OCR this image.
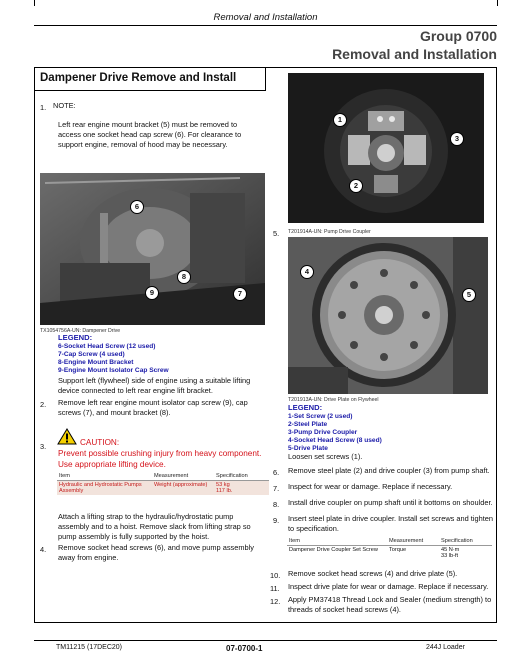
Removal and Installation
Group 0700
Removal and Installation
Dampener Drive Remove and Install
1. NOTE:
Left rear engine mount bracket (5) must be removed to
access one socket head cap screw (6). For clearance to
support engine, removal of hood may be necessary.
6
8
9	7
TX1054756A-UN: Dampener Drive
LEGEND:
6-Socket Head Screw (12 used)
7-Cap Screw (4 used)
8-Engine Mount Bracket
9-Engine Mount Isolator Cap Screw
Support left (flywheel) side of engine using a suitable lifting
device connected to left rear engine lift bracket.
2. Remove left rear engine mount isolator cap screw (9), cap
screws (7), and mount bracket (8).
3.	CAUTION:
Prevent possible crushing injury from heavy component.
Use appropriate lifting device.
Item	Measurement	Specification
Hydraulic and Hydrostatic Pumps Assembly	Weight (approximate)	53 kg
117 lb.
Attach a lifting strap to the hydraulic/hydrostatic pump
assembly and to a hoist. Remove slack from lifting strap so
pump assembly is fully supported by the hoist.
4. Remove socket head screws (6), and move pump assembly
away from engine.
1
3
2
5. T201914A-UN: Pump Drive Coupler
4
5
T201913A-UN: Drive Plate on Flywheel
LEGEND:
1-Set Screw (2 used)
2-Steel Plate
3-Pump Drive Coupler
4-Socket Head Screw (8 used)
5-Drive Plate
Loosen set screws (1).
6. Remove steel plate (2) and drive coupler (3) from pump shaft.
7. Inspect for wear or damage. Replace if necessary.
8. Install drive coupler on pump shaft until it bottoms on shoulder.
9. Insert steel plate in drive coupler. Install set screws and tighten
to specification.
Item	Measurement	Specification
Dampener Drive Coupler Set Screw	Torque	45 N·m
33 lb-ft
10. Remove socket head screws (4) and drive plate (5).
11. Inspect drive plate for wear or damage. Replace if necessary.
12. Apply PM37418 Thread Lock and Sealer (medium strength) to
threads of socket head screws (4).
TM11215 (17DEC20)	07-0700-1	244J Loader
